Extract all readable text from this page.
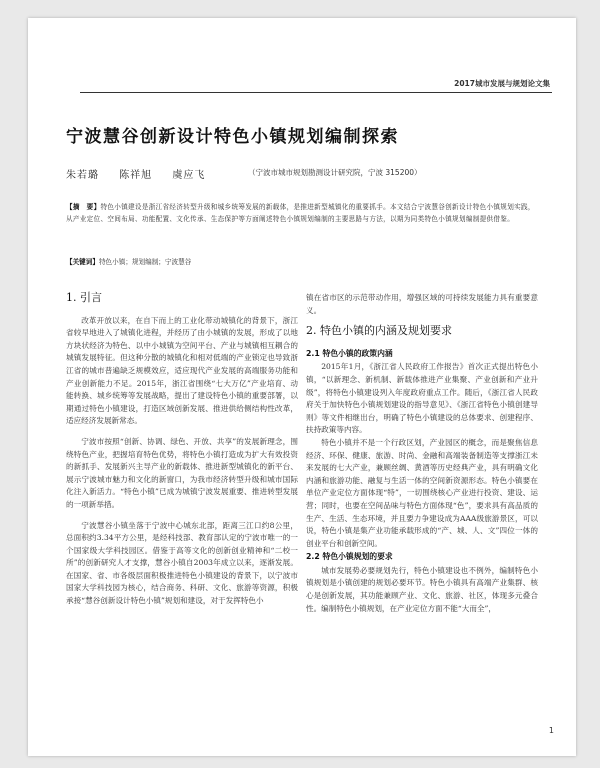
2017城市发展与规划论文集
宁波慧谷创新设计特色小镇规划编制探索
朱若璐 陈祥旭 虞应飞	（宁波市城市规划勘测设计研究院，宁波 315200）
【摘　要】特色小镇建设是浙江省经济转型升级和城乡统筹发展的新载体，是推进新型城镇化的重要抓手。本文结合宁波慧谷创新设计特色小镇规划实践，从产业定位、空间布局、功能配置、文化传承、生态保护等方面阐述特色小镇规划编制的主要思路与方法，以期为同类特色小镇规划编制提供借鉴。
【关键词】特色小镇；规划编制；宁波慧谷
1. 引言

改革开放以来，在自下而上的工业化带动城镇化的背景下，浙江省较早地进入了城镇化进程，并经历了由小城镇的发展，形成了以地方块状经济为特色、以中小城镇为空间平台、产业与城镇相互耦合的城镇发展特征。但这种分散的城镇化和相对低端的产业锁定也导致浙江省的城市普遍缺乏规模效应，适应现代产业发展的高端服务功能和产业创新能力不足。2015年，浙江省围绕“七大万亿”产业培育、动能转换、城乡统筹等发展战略，提出了建设特色小镇的重要部署，以期通过特色小镇建设，打造区域创新发展、推进供给侧结构性改革，适应经济发展新常态。

宁波市按照“创新、协调、绿色、开放、共享”的发展新理念，围绕特色产业，把握培育特色优势，将特色小镇打造成为扩大有效投资的新抓手、发展新兴主导产业的新载体、推进新型城镇化的新平台、展示宁波城市魅力和文化的新窗口，为我市经济转型升级和城市国际化注入新活力。“特色小镇”已成为城镇宁波发展重要、推进转型发展的一项新举措。

宁波慧谷小镇坐落于宁波中心城东北部，距离三江口约8公里，总面积约3.34平方公里，是经科技部、教育部认定的宁波市唯一的一个国家级大学科技园区。借鉴于高等文化的创新创业精神和“二校一所”的创新研究人才支撑，慧谷小镇自2003年成立以来，逐渐发展。在国家、省、市各级层面积极推进特色小镇建设的背景下，以宁波市国家大学科技园为核心，结合商务、科研、文化、旅游等资源，积极承接“慧谷创新设计特色小镇”规划和建设，对于发挥特色小

镇在省市区的示范带动作用，增强区域的可持续发展能力具有重要意义。

2. 特色小镇的内涵及规划要求
2.1 特色小镇的政策内涵

2015年1月，《浙江省人民政府工作报告》首次正式提出特色小镇，“以新理念、新机制、新载体推进产业集聚、产业创新和产业升级”，将特色小镇建设列入年度政府重点工作。随后，《浙江省人民政府关于加快特色小镇规划建设的指导意见》、《浙江省特色小镇创建导则》等文件相继出台，明确了特色小镇建设的总体要求、创建程序、扶持政策等内容。

特色小镇并不是一个行政区划，产业园区的概念，而是聚焦信息经济、环保、健康、旅游、时尚、金融和高端装备制造等支撑浙江未来发展的七大产业，兼顾丝绸、黄酒等历史经典产业，具有明确文化内涵和旅游功能、融复与生活一体的空间新资源形态。特色小镇要在单位产业定位方面体现“特”，一切围绕核心产业进行投资、建设、运营；同时，也要在空间品味与特色方面体现“色”，要求具有高品质的生产、生活、生态环境，并且要力争建设成为AAA级旅游景区，可以说，特色小镇是集产业功能承载形成的“产、城、人、文”四位一体的创业平台和创新空间。

2.2 特色小镇规划的要求

城市发展势必要规划先行，特色小镇建设也不例外，编制特色小镇规划是小镇创建的规划必要环节。特色小镇具有高端产业集群、核心是创新发展，其功能兼顾产业、文化、旅游、社区，体现多元叠合性。编制特色小镇规划，在产业定位方面不能“大而全”，

1
